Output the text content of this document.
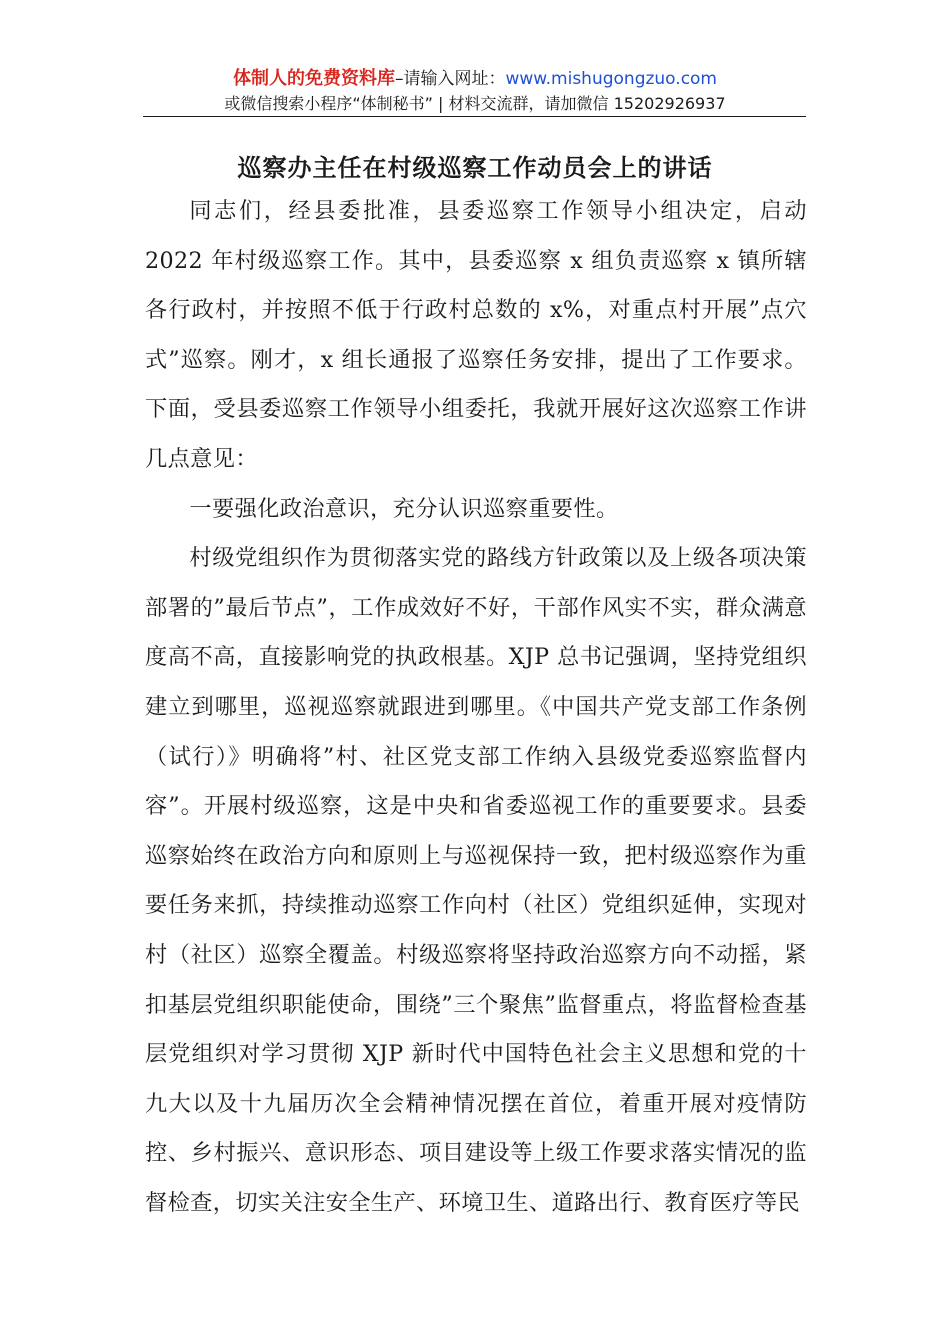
体制人的免费资料库–请输入网址：www.mishugongzuo.com
或微信搜索小程序“体制秘书” | 材料交流群，请加微信 15202926937
巡察办主任在村级巡察工作动员会上的讲话

同志们，经县委批准，县委巡察工作领导小组决定，启动 2022 年村级巡察工作。其中，县委巡察 x 组负责巡察 x 镇所辖各行政村，并按照不低于行政村总数的 x%，对重点村开展”点穴式”巡察。刚才，x 组长通报了巡察任务安排，提出了工作要求。下面，受县委巡察工作领导小组委托，我就开展好这次巡察工作讲几点意见：

一要强化政治意识，充分认识巡察重要性。

村级党组织作为贯彻落实党的路线方针政策以及上级各项决策部署的”最后节点”，工作成效好不好，干部作风实不实，群众满意度高不高，直接影响党的执政根基。XJP 总书记强调，坚持党组织建立到哪里，巡视巡察就跟进到哪里。《中国共产党支部工作条例（试行）》明确将”村、社区党支部工作纳入县级党委巡察监督内容”。开展村级巡察，这是中央和省委巡视工作的重要要求。县委巡察始终在政治方向和原则上与巡视保持一致，把村级巡察作为重要任务来抓，持续推动巡察工作向村（社区）党组织延伸，实现对村（社区）巡察全覆盖。村级巡察将坚持政治巡察方向不动摇，紧扣基层党组织职能使命，围绕”三个聚焦”监督重点，将监督检查基层党组织对学习贯彻 XJP 新时代中国特色社会主义思想和党的十九大以及十九届历次全会精神情况摆在首位，着重开展对疫情防控、乡村振兴、意识形态、项目建设等上级工作要求落实情况的监督检查，切实关注安全生产、环境卫生、道路出行、教育医疗等民
